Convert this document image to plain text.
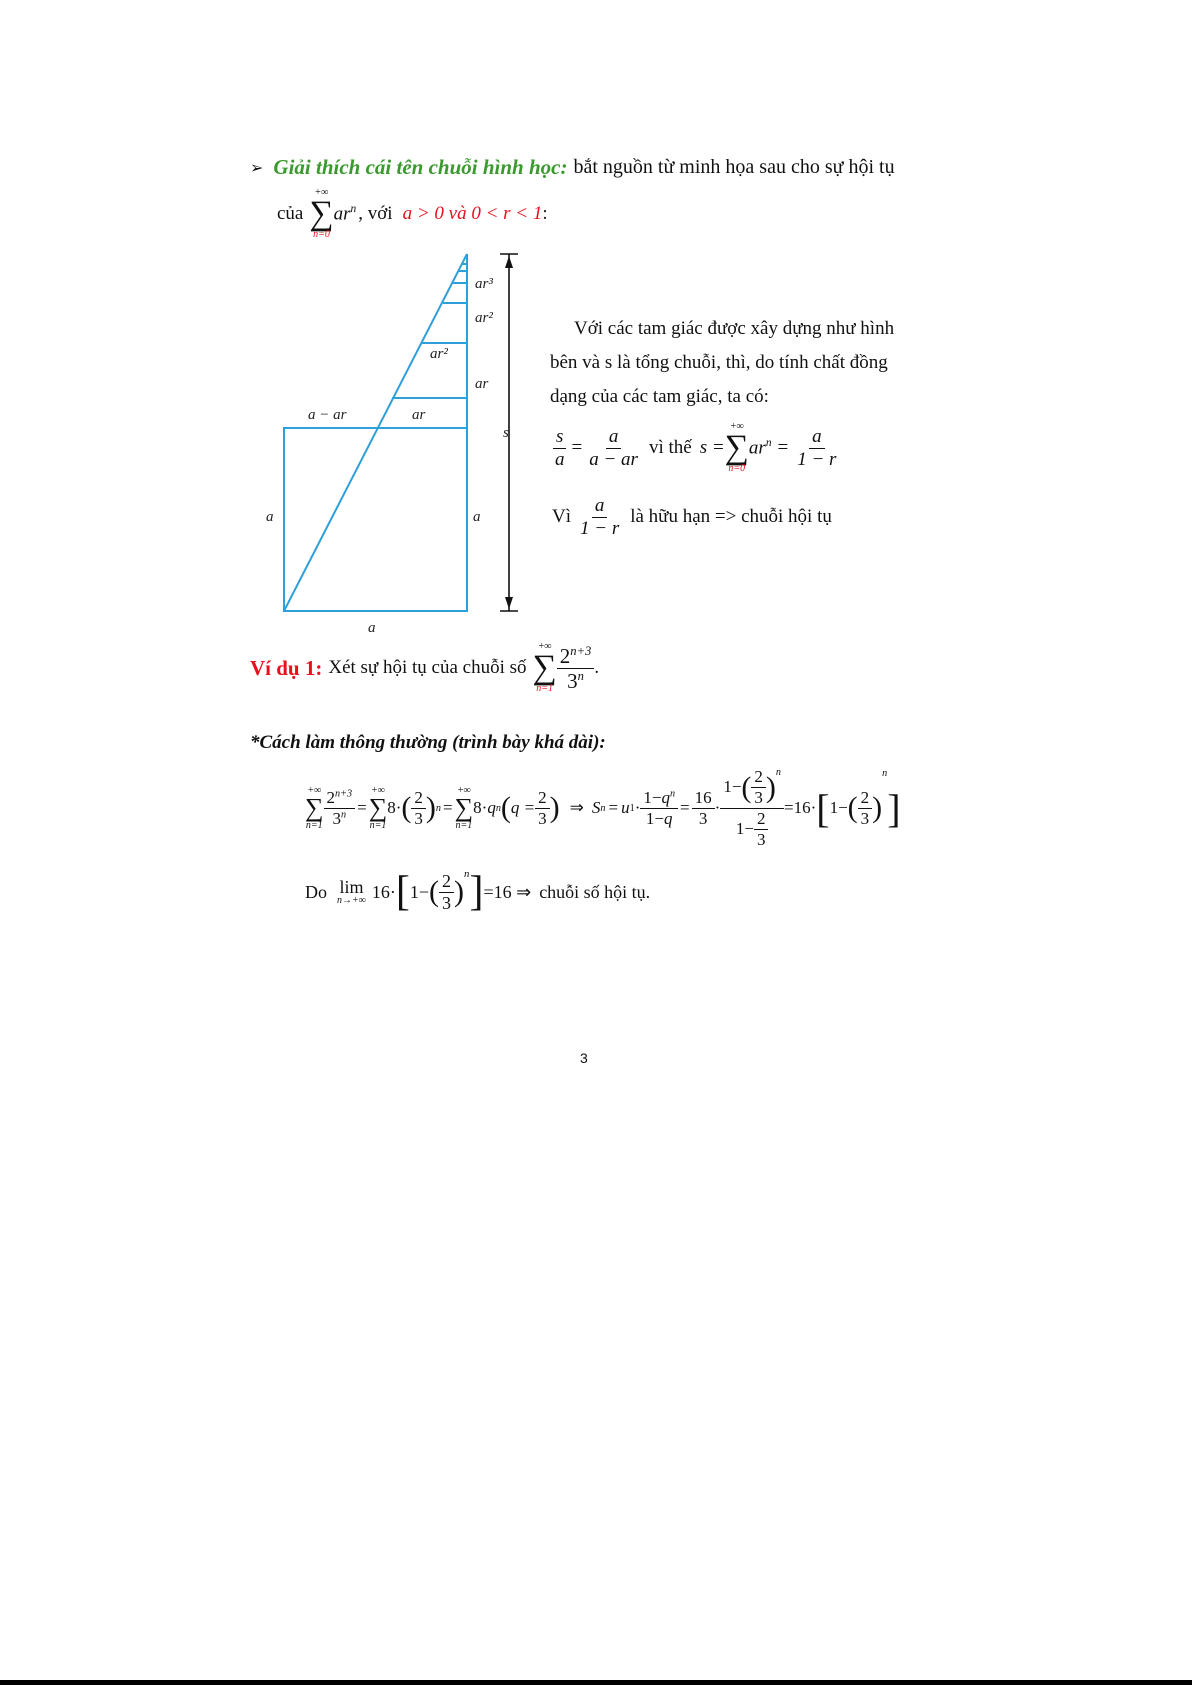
➢ Giải thích cái tên chuỗi hình học: bắt nguồn từ minh họa sau cho sự hội tụ
của
+∞
∑
n=0
$ar^n$ , với a > 0 và 0 < r < 1 :
ar³
ar²
ar²
ar
a − ar	ar
s
a	a
a
Với các tam giác được xây dựng như hình
bên và s là tổng chuỗi, thì, do tính chất đồng
dạng của các tam giác, ta có:
$\frac{s}{a} = \frac{a}{a - ar}$ vì thế s =
+∞
∑
n=0
$ar^n = \frac{a}{1 - r}$
Vì $\frac{a}{1 - r}$ là hữu hạn => chuỗi hội tụ
Ví dụ 1: Xét sự hội tụ của chuỗi số
+∞
∑
$n=1 \frac{2^{n+3}}{3^n}$ .
*Cách làm thông thường (trình bày khá dài):
+∞
∑
$n=1 \frac{2^{n+3}}{3^n}$ =
+∞
∑
n=1
8 · ( $\frac{2}{3}$ ) n =
+∞
∑
n=1
8· q n ( $q = \frac{2}{3}$ ) ⇒ S n = u $1 \cdot \frac{1-q^n}{1-q} = \frac{16}{3} \cdot \frac{1- ( \frac{2}{3} )^n}{1- \frac{2}{3}} =16\cdot$ [ 1 − ( $\frac{2}{3}$ )
n
]
Do lim
n→+∞ 16· [ 1− ( $\frac{2}{3}$ )
$^n$ ] =16 ⇒ chuỗi số hội tụ.
3
